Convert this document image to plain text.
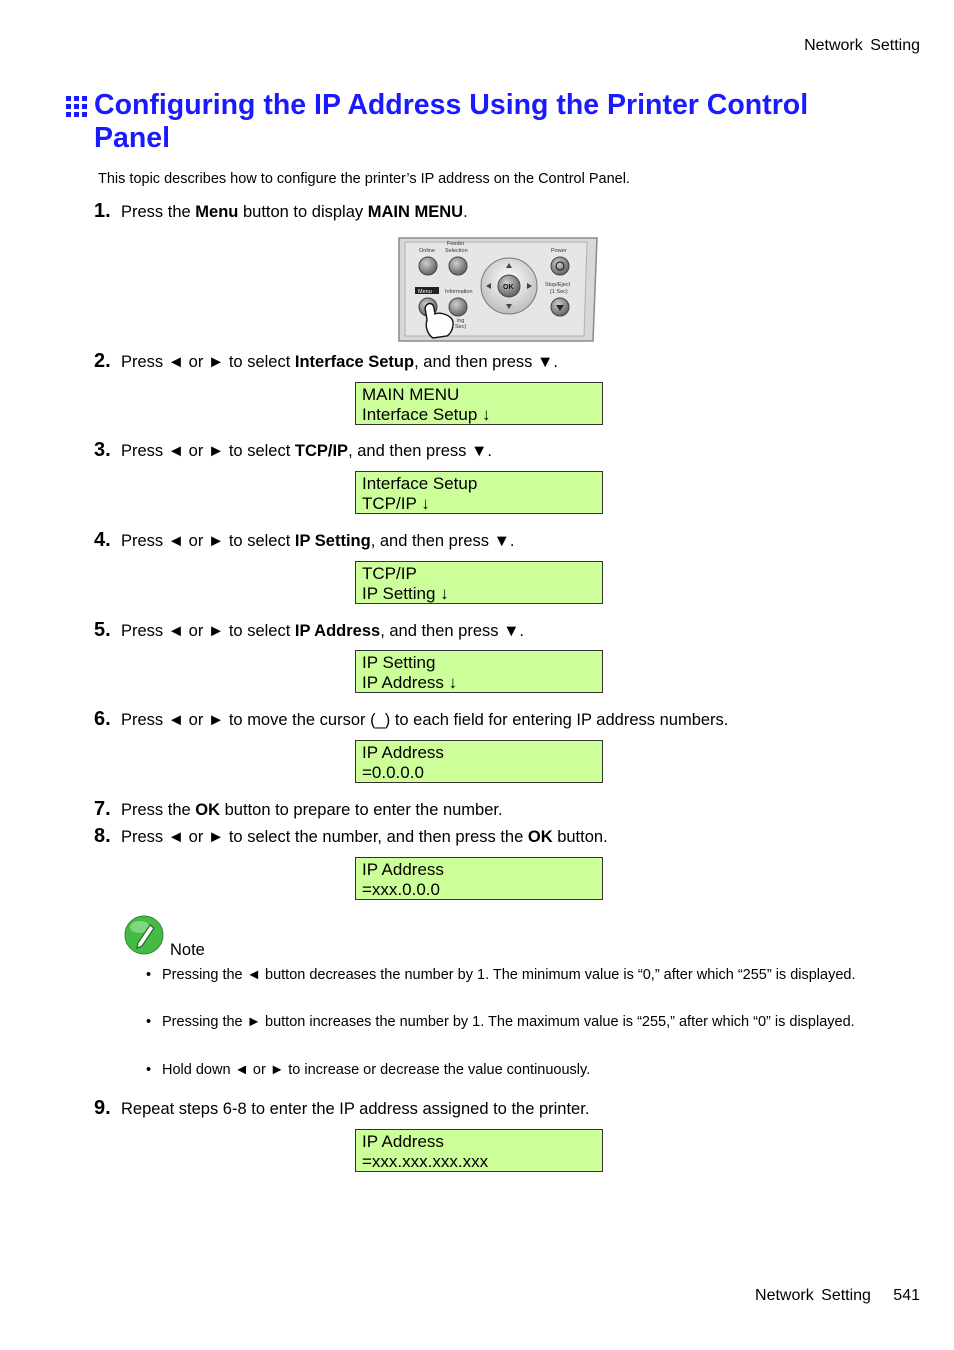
Network Setting
Configuring the IP Address Using the Printer Control Panel
This topic describes how to configure the printer’s IP address on the Control Panel.
1. Press the Menu button to display MAIN MENU.
Online
Feeder
Selection	Power
Information
Stop/Eject
(1 Sec)
ing
Sec)
Menu
OK
2. Press ◄ or ► to select Interface Setup, and then press ▼.
MAIN MENU
Interface Setup ↓
3. Press ◄ or ► to select TCP/IP, and then press ▼.
Interface Setup
TCP/IP ↓
4. Press ◄ or ► to select IP Setting, and then press ▼.
TCP/IP
IP Setting ↓
5. Press ◄ or ► to select IP Address, and then press ▼.
IP Setting
IP Address ↓
6. Press ◄ or ► to move the cursor (_) to each field for entering IP address numbers.
IP Address
=0.0.0.0
7. Press the OK button to prepare to enter the number.
8. Press ◄ or ► to select the number, and then press the OK button.
IP Address
=xxx.0.0.0
Note
• Pressing the ◄ button decreases the number by 1. The minimum value is “0,” after which “255” is displayed.
• Pressing the ► button increases the number by 1. The maximum value is “255,” after which “0” is displayed.
• Hold down ◄ or ► to increase or decrease the value continuously.
9. Repeat steps 6-8 to enter the IP address assigned to the printer.
IP Address
=xxx.xxx.xxx.xxx
Network Setting 541
